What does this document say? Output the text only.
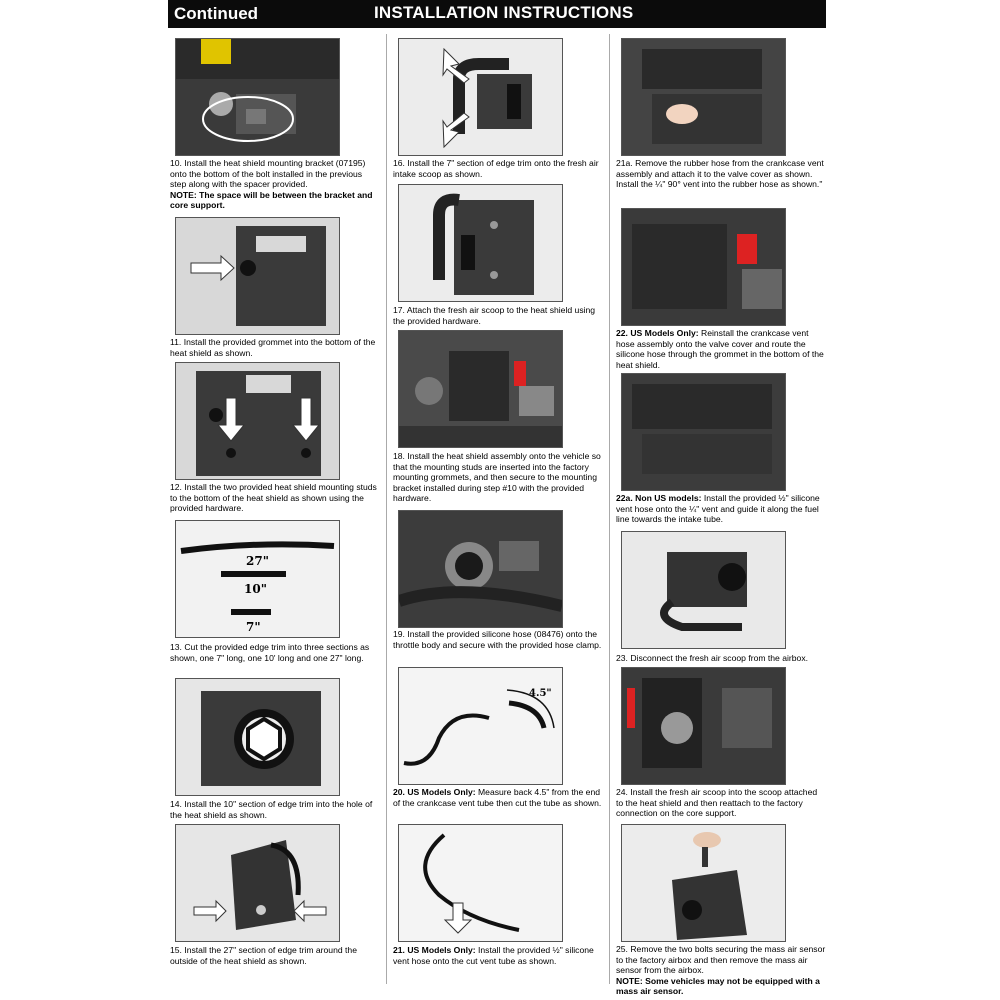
Continued	INSTALLATION INSTRUCTIONS
10. Install the heat shield mounting bracket (07195) onto the bottom of the bolt installed in the previous step along with the spacer provided.
NOTE: The space will be between the bracket and core support.
11. Install the provided grommet into the bottom of the heat shield as shown.
12. Install the two provided heat shield mounting studs to the bottom of the heat shield as shown using the provided hardware.
27"
10"
7"
13. Cut the provided edge trim into three sections as shown, one 7" long, one 10' long and one 27" long.
14. Install the 10" section of edge trim into the hole of the heat shield as shown.
15. Install the 27" section of edge trim around the outside of the heat shield as shown.
16. Install the 7" section of edge trim onto the fresh air intake scoop as shown.
17. Attach the fresh air scoop to the heat shield using the provided hardware.
18. Install the heat shield assembly onto the vehicle so that the mounting studs are inserted into the factory mounting grommets, and then secure to the mounting bracket installed during step #10 with the provided hardware.
19. Install the provided silicone hose (08476) onto the throttle body and secure with the provided hose clamp.
4.5"
20. US Models Only: Measure back 4.5" from the end of the crankcase vent tube then cut the tube as shown.
21. US Models Only: Install the provided ½" silicone vent hose onto the cut vent tube as shown.
21a. Remove the rubber hose from the crankcase vent assembly and attach it to the valve cover as shown. Install the ¼" 90° vent into the rubber hose as shown."
22. US Models Only: Reinstall the crankcase vent hose assembly onto the valve cover and route the silicone hose through the grommet in the bottom of the heat shield.
22a. Non US models: Install the provided ½" silicone vent hose onto the ¼" vent and guide it along the fuel line towards the intake tube.
23. Disconnect the fresh air scoop from the airbox.
24. Install the fresh air scoop into the scoop attached to the heat shield and then reattach to the factory connection on the core support.
25. Remove the two bolts securing the mass air sensor to the factory airbox and then remove the mass air sensor from the airbox.
NOTE: Some vehicles may not be equipped with a mass air sensor.
